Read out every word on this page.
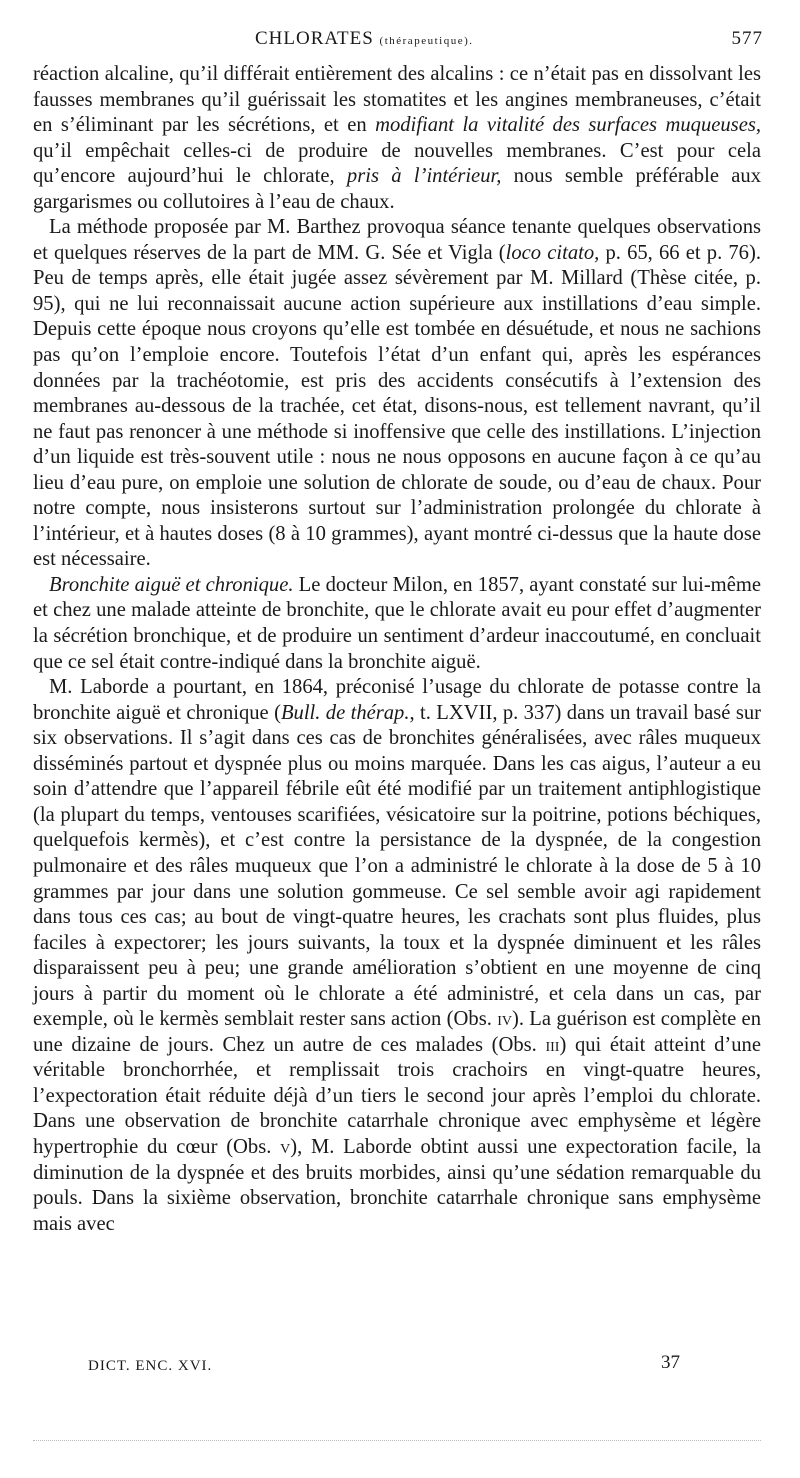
CHLORATES (thérapeutique).	577

réaction alcaline, qu’il différait entièrement des alcalins : ce n’était pas en dissolvant les fausses membranes qu’il guérissait les stomatites et les angines membraneuses, c’était en s’éliminant par les sécrétions, et en modifiant la vitalité des surfaces muqueuses, qu’il empêchait celles-ci de produire de nouvelles membranes. C’est pour cela qu’encore aujourd’hui le chlorate, pris à l’intérieur, nous semble préférable aux gargarismes ou collutoires à l’eau de chaux.

La méthode proposée par M. Barthez provoqua séance tenante quelques observations et quelques réserves de la part de MM. G. Sée et Vigla (loco citato, p. 65, 66 et p. 76). Peu de temps après, elle était jugée assez sévèrement par M. Millard (Thèse citée, p. 95), qui ne lui reconnaissait aucune action supérieure aux instillations d’eau simple. Depuis cette époque nous croyons qu’elle est tombée en désuétude, et nous ne sachions pas qu’on l’emploie encore. Toutefois l’état d’un enfant qui, après les espérances données par la trachéotomie, est pris des accidents consécutifs à l’extension des membranes au-dessous de la trachée, cet état, disons-nous, est tellement navrant, qu’il ne faut pas renoncer à une méthode si inoffensive que celle des instillations. L’injection d’un liquide est très-souvent utile : nous ne nous opposons en aucune façon à ce qu’au lieu d’eau pure, on emploie une solution de chlorate de soude, ou d’eau de chaux. Pour notre compte, nous insisterons surtout sur l’administration prolongée du chlorate à l’intérieur, et à hautes doses (8 à 10 grammes), ayant montré ci-dessus que la haute dose est nécessaire.

Bronchite aiguë et chronique. Le docteur Milon, en 1857, ayant constaté sur lui-même et chez une malade atteinte de bronchite, que le chlorate avait eu pour effet d’augmenter la sécrétion bronchique, et de produire un sentiment d’ardeur inaccoutumé, en concluait que ce sel était contre-indiqué dans la bronchite aiguë.

M. Laborde a pourtant, en 1864, préconisé l’usage du chlorate de potasse contre la bronchite aiguë et chronique (Bull. de thérap., t. LXVII, p. 337) dans un travail basé sur six observations. Il s’agit dans ces cas de bronchites généralisées, avec râles muqueux disséminés partout et dyspnée plus ou moins marquée. Dans les cas aigus, l’auteur a eu soin d’attendre que l’appareil fébrile eût été modifié par un traitement antiphlogistique (la plupart du temps, ventouses scarifiées, vésicatoire sur la poitrine, potions béchiques, quelquefois kermès), et c’est contre la persistance de la dyspnée, de la congestion pulmonaire et des râles muqueux que l’on a administré le chlorate à la dose de 5 à 10 grammes par jour dans une solution gommeuse. Ce sel semble avoir agi rapidement dans tous ces cas; au bout de vingt-quatre heures, les crachats sont plus fluides, plus faciles à expectorer; les jours suivants, la toux et la dyspnée diminuent et les râles disparaissent peu à peu; une grande amélioration s’obtient en une moyenne de cinq jours à partir du moment où le chlorate a été administré, et cela dans un cas, par exemple, où le kermès semblait rester sans action (Obs. iv). La guérison est complète en une dizaine de jours. Chez un autre de ces malades (Obs. iii) qui était atteint d’une véritable bronchorrhée, et remplissait trois crachoirs en vingt-quatre heures, l’expectoration était réduite déjà d’un tiers le second jour après l’emploi du chlorate. Dans une observation de bronchite catarrhale chronique avec emphysème et légère hypertrophie du cœur (Obs. v), M. Laborde obtint aussi une expectoration facile, la diminution de la dyspnée et des bruits morbides, ainsi qu’une sédation remarquable du pouls. Dans la sixième observation, bronchite catarrhale chronique sans emphysème mais avec

DICT. ENC. XVI.	37
